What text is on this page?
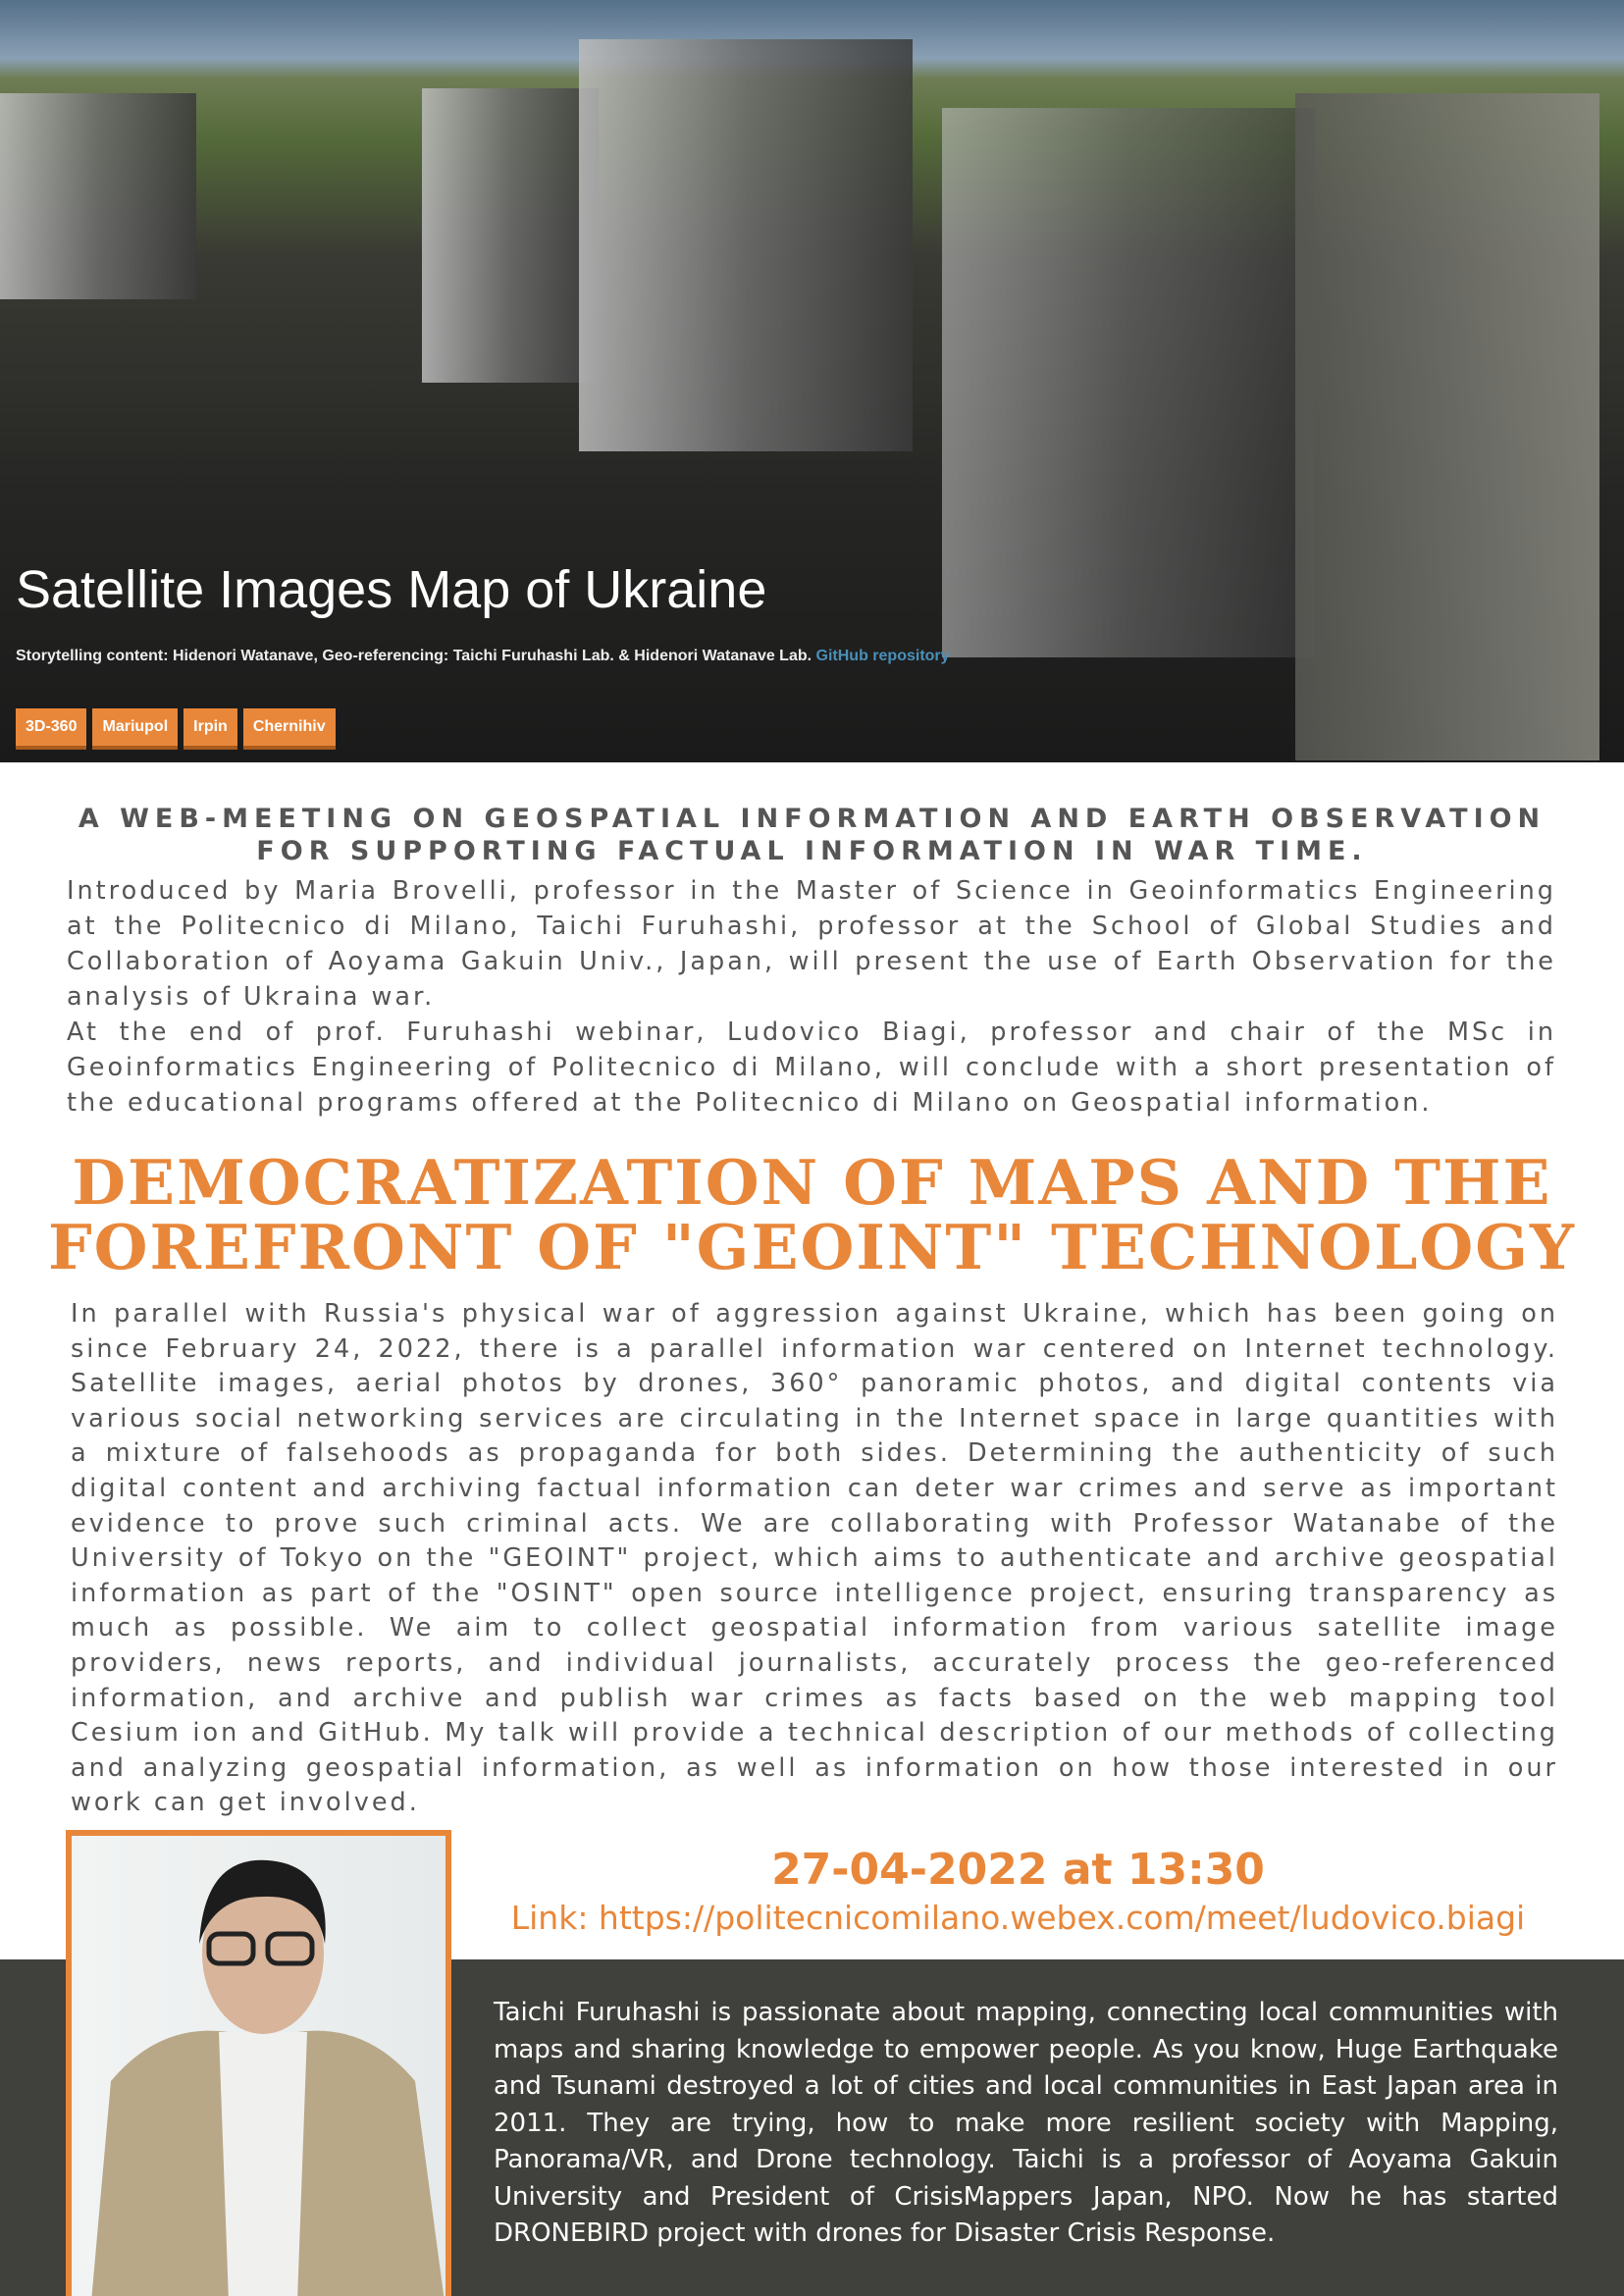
Satellite Images Map of Ukraine
Storytelling content: Hidenori Watanave, Geo-referencing: Taichi Furuhashi Lab. & Hidenori Watanave Lab. GitHub repository
3D-360	Mariupol	Irpin	Chernihiv
A WEB-MEETING ON GEOSPATIAL INFORMATION AND EARTH OBSERVATION FOR SUPPORTING FACTUAL INFORMATION IN WAR TIME.

Introduced by Maria Brovelli, professor in the Master of Science in Geoinformatics Engineering at the Politecnico di Milano, Taichi Furuhashi, professor at the School of Global Studies and Collaboration of Aoyama Gakuin Univ., Japan, will present the use of Earth Observation for the analysis of Ukraina war.

At the end of prof. Furuhashi webinar, Ludovico Biagi, professor and chair of the MSc in Geoinformatics Engineering of Politecnico di Milano, will conclude with a short presentation of the educational programs offered at the Politecnico di Milano on Geospatial information.

DEMOCRATIZATION OF MAPS AND THE FOREFRONT OF "GEOINT" TECHNOLOGY
In parallel with Russia's physical war of aggression against Ukraine, which has been going on since February 24, 2022, there is a parallel information war centered on Internet technology. Satellite images, aerial photos by drones, 360° panoramic photos, and digital contents via various social networking services are circulating in the Internet space in large quantities with a mixture of falsehoods as propaganda for both sides. Determining the authenticity of such digital content and archiving factual information can deter war crimes and serve as important evidence to prove such criminal acts. We are collaborating with Professor Watanabe of the University of Tokyo on the "GEOINT" project, which aims to authenticate and archive geospatial information as part of the "OSINT" open source intelligence project, ensuring transparency as much as possible. We aim to collect geospatial information from various satellite image providers, news reports, and individual journalists, accurately process the geo-referenced information, and archive and publish war crimes as facts based on the web mapping tool Cesium ion and GitHub. My talk will provide a technical description of our methods of collecting and analyzing geospatial information, as well as information on how those interested in our work can get involved.
27-04-2022 at 13:30
Link: https://politecnicomilano.webex.com/meet/ludovico.biagi
Taichi Furuhashi is passionate about mapping, connecting local communities with maps and sharing knowledge to empower people. As you know, Huge Earthquake and Tsunami destroyed a lot of cities and local communities in East Japan area in 2011. They are trying, how to make more resilient society with Mapping, Panorama/VR, and Drone technology. Taichi is a professor of Aoyama Gakuin University and President of CrisisMappers Japan, NPO. Now he has started DRONEBIRD project with drones for Disaster Crisis Response.
